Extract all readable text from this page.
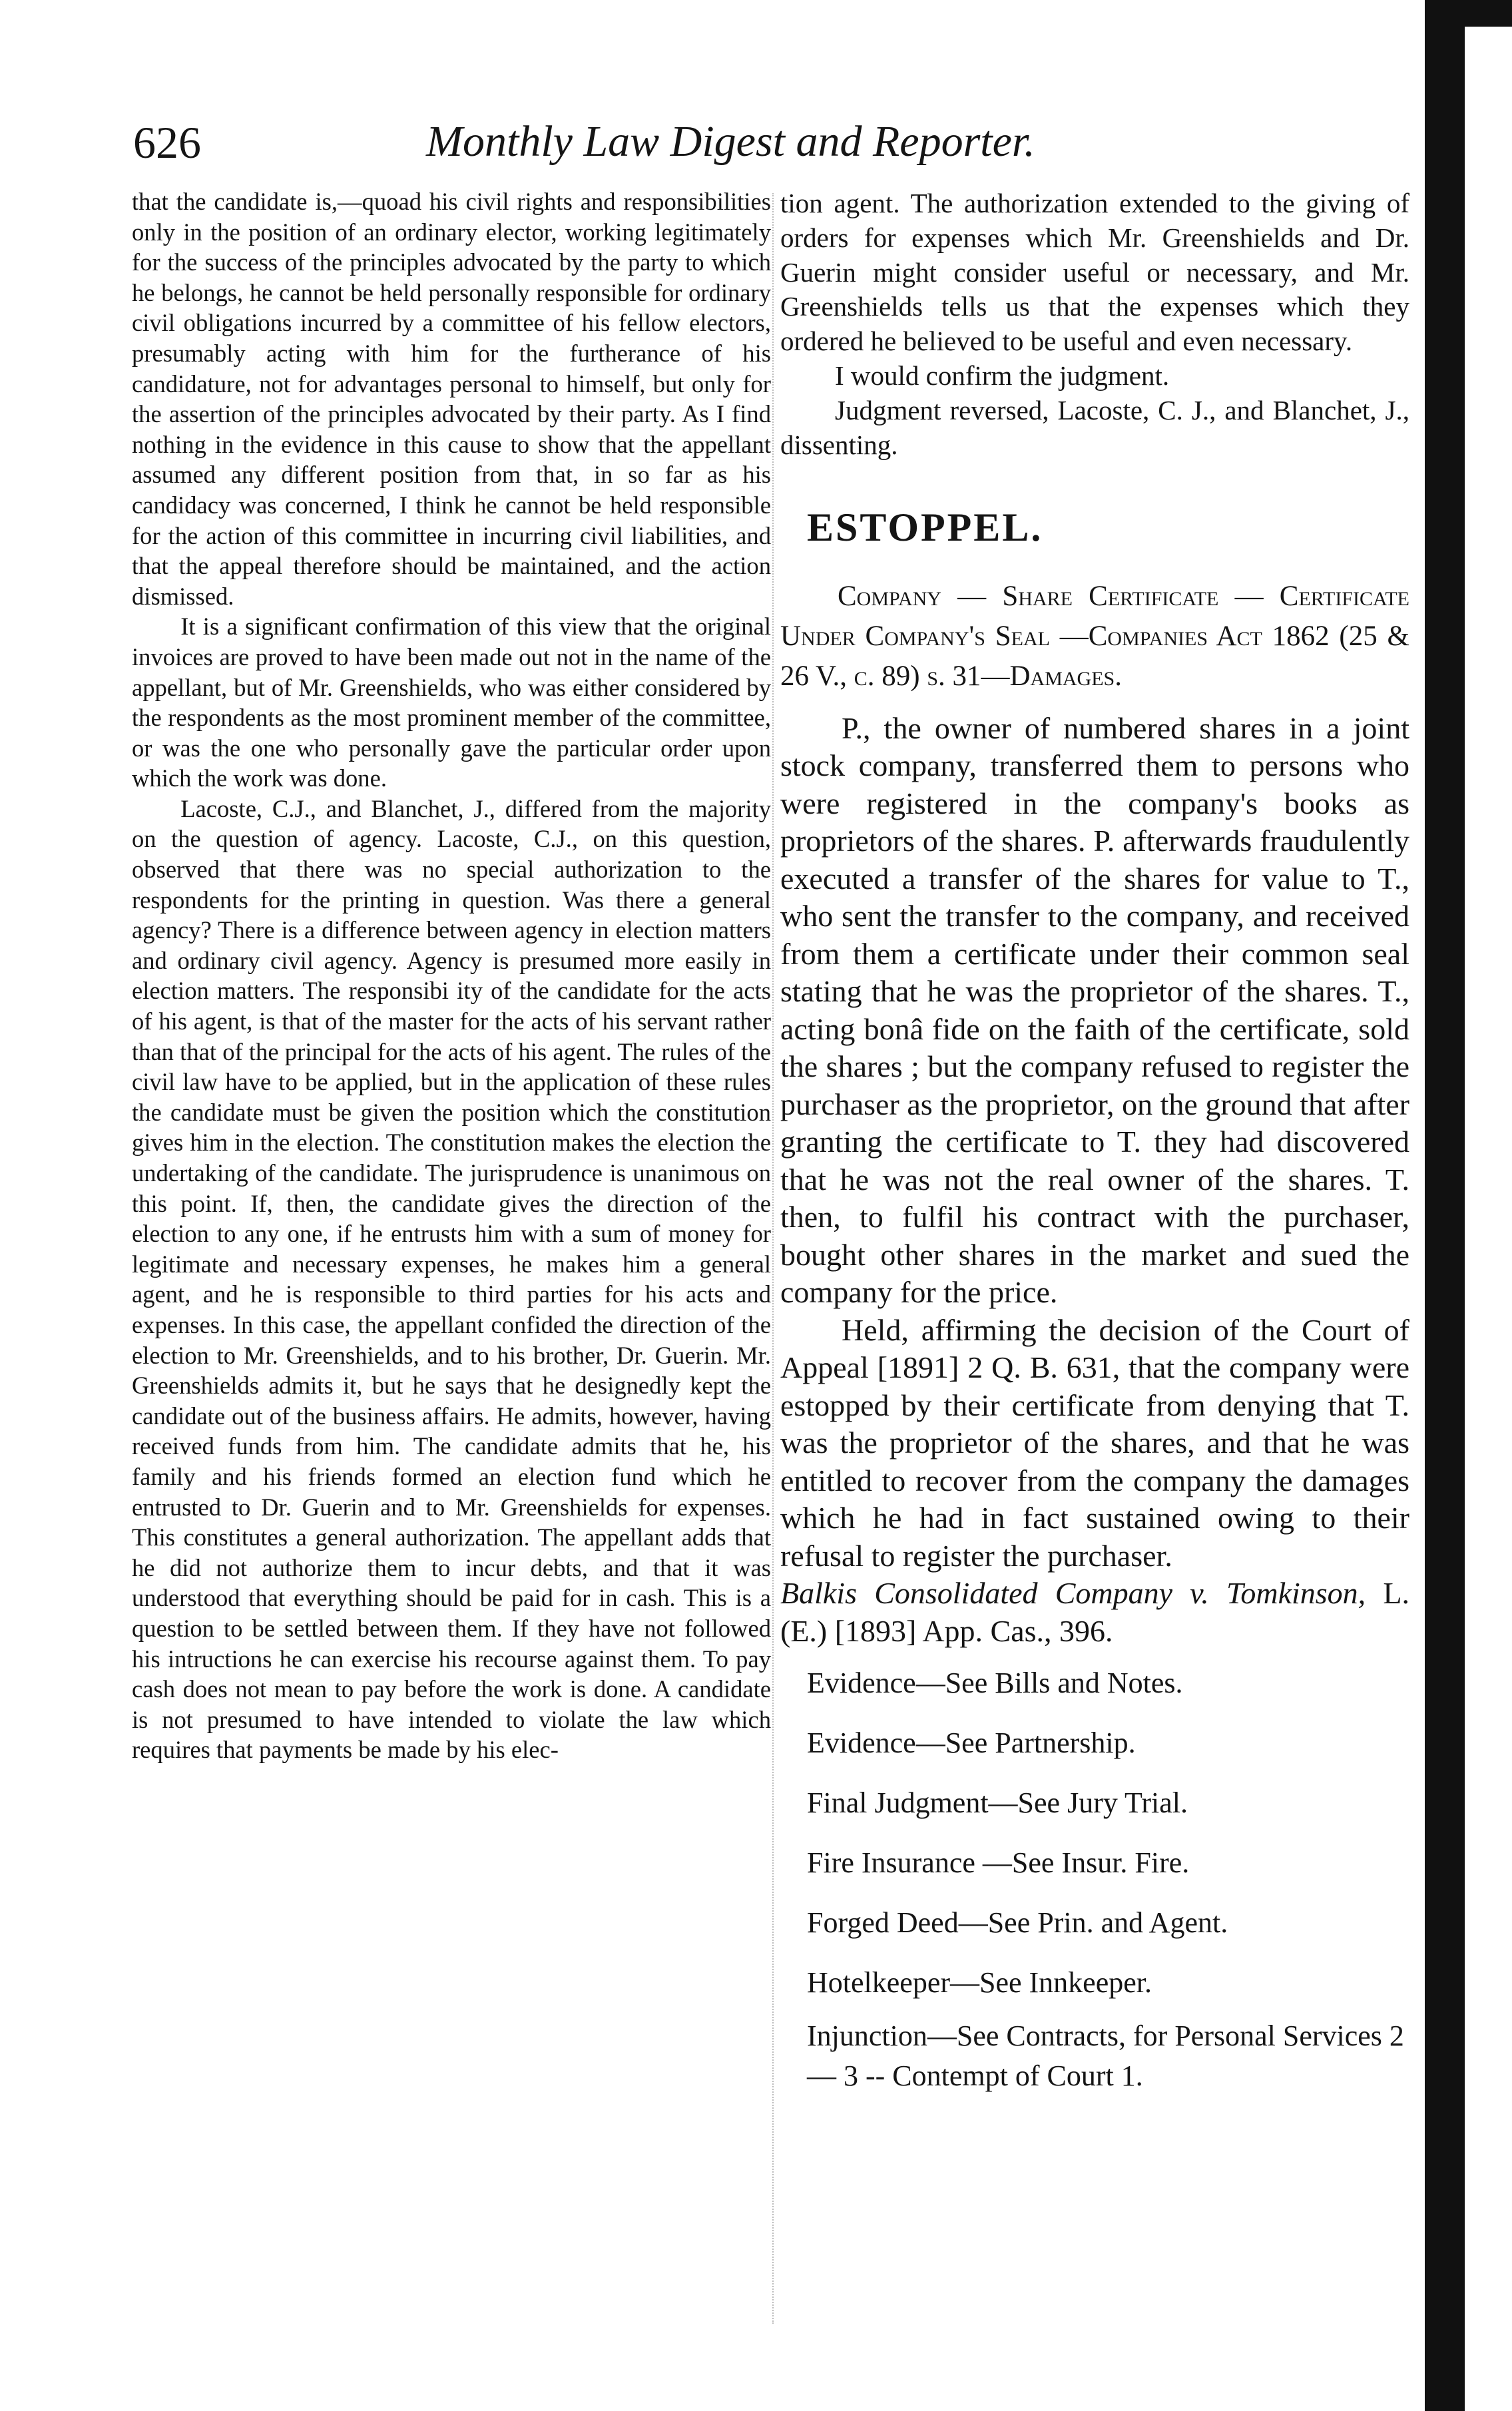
626	Monthly Law Digest and Reporter.

that the candidate is,—quoad his civil rights and responsibilities only in the position of an ordinary elector, working legitimately for the success of the principles advocated by the party to which he belongs, he cannot be held personally responsible for ordinary civil obligations incurred by a committee of his fellow electors, presumably acting with him for the furtherance of his candidature, not for advantages personal to himself, but only for the assertion of the principles advocated by their party. As I find nothing in the evidence in this cause to show that the appellant assumed any different position from that, in so far as his candidacy was concerned, I think he cannot be held responsible for the action of this committee in incurring civil liabilities, and that the appeal therefore should be maintained, and the action dismissed.

It is a significant confirmation of this view that the original invoices are proved to have been made out not in the name of the appellant, but of Mr. Greenshields, who was either considered by the respondents as the most prominent member of the committee, or was the one who personally gave the particular order upon which the work was done.

Lacoste, C.J., and Blanchet, J., differed from the majority on the question of agency. Lacoste, C.J., on this question, observed that there was no special authorization to the respondents for the printing in question. Was there a general agency? There is a difference between agency in election matters and ordinary civil agency. Agency is presumed more easily in election matters. The responsibi ity of the candidate for the acts of his agent, is that of the master for the acts of his servant rather than that of the principal for the acts of his agent. The rules of the civil law have to be applied, but in the application of these rules the candidate must be given the position which the constitution gives him in the election. The constitution makes the election the undertaking of the candidate. The jurisprudence is unanimous on this point. If, then, the candidate gives the direction of the election to any one, if he entrusts him with a sum of money for legitimate and necessary expenses, he makes him a general agent, and he is responsible to third parties for his acts and expenses. In this case, the appellant confided the direction of the election to Mr. Greenshields, and to his brother, Dr. Guerin. Mr. Greenshields admits it, but he says that he designedly kept the candidate out of the business affairs. He admits, however, having received funds from him. The candidate admits that he, his family and his friends formed an election fund which he entrusted to Dr. Guerin and to Mr. Greenshields for expenses. This constitutes a general authorization. The appellant adds that he did not authorize them to incur debts, and that it was understood that everything should be paid for in cash. This is a question to be settled between them. If they have not followed his intructions he can exercise his recourse against them. To pay cash does not mean to pay before the work is done. A candidate is not presumed to have intended to violate the law which requires that payments be made by his elec-

tion agent. The authorization extended to the giving of orders for expenses which Mr. Greenshields and Dr. Guerin might consider useful or necessary, and Mr. Greenshields tells us that the expenses which they ordered he believed to be useful and even necessary.

I would confirm the judgment.

Judgment reversed, Lacoste, C. J., and Blanchet, J., dissenting.

ESTOPPEL.

Company — Share Certificate — Certificate Under Company's Seal —Companies Act 1862 (25 & 26 V., c. 89) s. 31—Damages.

P., the owner of numbered shares in a joint stock company, transferred them to persons who were registered in the company's books as proprietors of the shares. P. afterwards fraudulently executed a transfer of the shares for value to T., who sent the transfer to the company, and received from them a certificate under their common seal stating that he was the proprietor of the shares. T., acting bonâ fide on the faith of the certificate, sold the shares ; but the company refused to register the purchaser as the proprietor, on the ground that after granting the certificate to T. they had discovered that he was not the real owner of the shares. T. then, to fulfil his contract with the purchaser, bought other shares in the market and sued the company for the price.

Held, affirming the decision of the Court of Appeal [1891] 2 Q. B. 631, that the company were estopped by their certificate from denying that T. was the proprietor of the shares, and that he was entitled to recover from the company the damages which he had in fact sustained owing to their refusal to register the purchaser.

Balkis Consolidated Company v. Tomkinson, L. (E.) [1893] App. Cas., 396.

Evidence—See Bills and Notes.

Evidence—See Partnership.

Final Judgment—See Jury Trial.

Fire Insurance —See Insur. Fire.

Forged Deed—See Prin. and Agent.

Hotelkeeper—See Innkeeper.

Injunction—See Contracts, for Personal Services 2 — 3 -- Contempt of Court 1.
